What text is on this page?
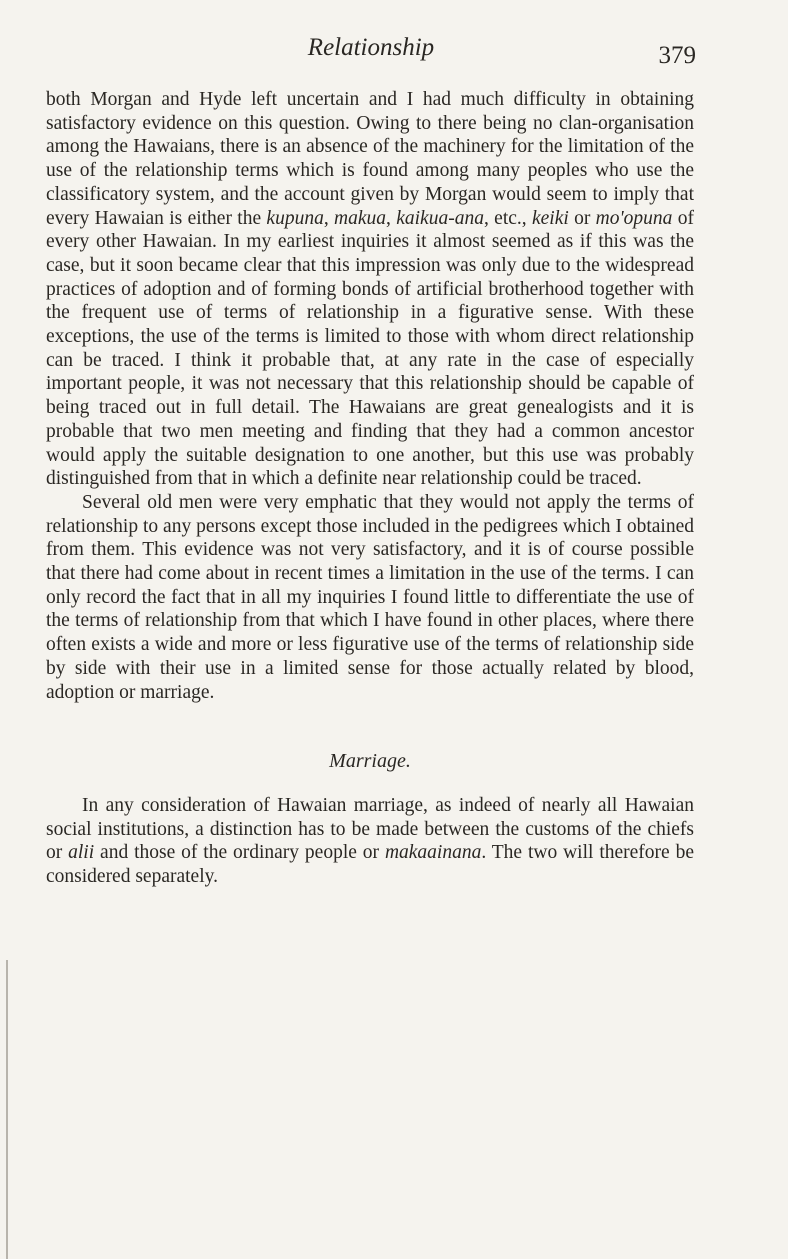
Relationship	379

both Morgan and Hyde left uncertain and I had much difficulty in obtaining satisfactory evidence on this question. Owing to there being no clan-organisation among the Hawaians, there is an absence of the machinery for the limitation of the use of the relationship terms which is found among many peoples who use the classificatory system, and the account given by Morgan would seem to imply that every Hawaian is either the kupuna, makua, kaikua-ana, etc., keiki or mo'opuna of every other Hawaian. In my earliest inquiries it almost seemed as if this was the case, but it soon became clear that this impression was only due to the widespread practices of adoption and of forming bonds of artificial brotherhood together with the frequent use of terms of relationship in a figurative sense. With these exceptions, the use of the terms is limited to those with whom direct relationship can be traced. I think it probable that, at any rate in the case of especially important people, it was not necessary that this relationship should be capable of being traced out in full detail. The Hawaians are great genealogists and it is probable that two men meeting and finding that they had a common ancestor would apply the suitable designation to one another, but this use was probably distinguished from that in which a definite near relationship could be traced.

Several old men were very emphatic that they would not apply the terms of relationship to any persons except those included in the pedigrees which I obtained from them. This evidence was not very satisfactory, and it is of course possible that there had come about in recent times a limitation in the use of the terms. I can only record the fact that in all my inquiries I found little to differentiate the use of the terms of relationship from that which I have found in other places, where there often exists a wide and more or less figurative use of the terms of relationship side by side with their use in a limited sense for those actually related by blood, adoption or marriage.

Marriage.

In any consideration of Hawaian marriage, as indeed of nearly all Hawaian social institutions, a distinction has to be made between the customs of the chiefs or alii and those of the ordinary people or makaainana. The two will therefore be considered separately.
